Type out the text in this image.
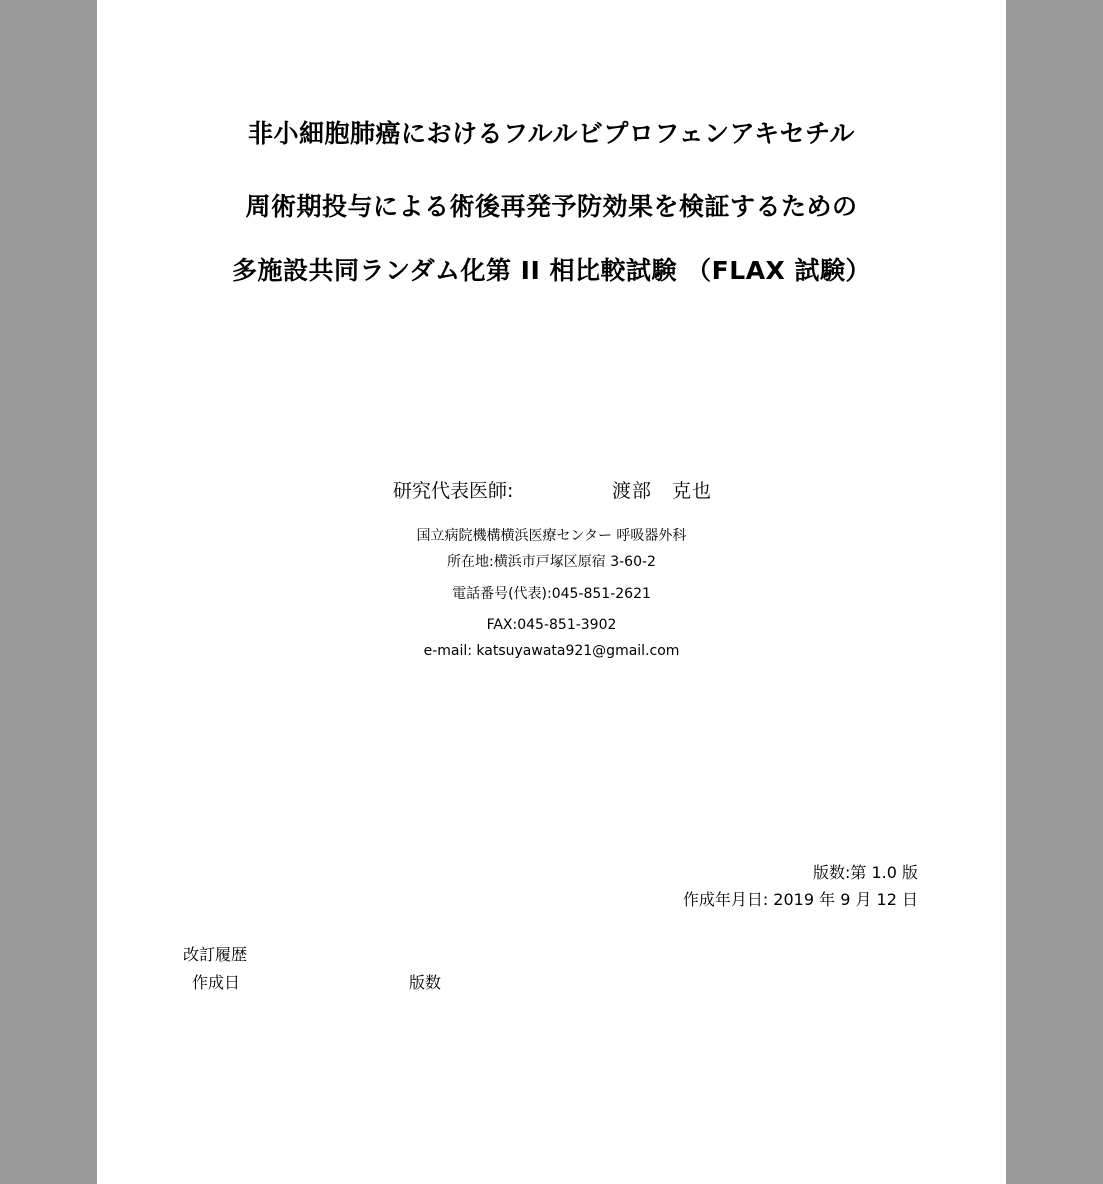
非小細胞肺癌におけるフルルビプロフェンアキセチル
周術期投与による術後再発予防効果を検証するための
多施設共同ランダム化第 II 相比較試験 （FLAX 試験）
研究代表医師:	渡部　克也
国立病院機構横浜医療センター 呼吸器外科
所在地:横浜市戸塚区原宿 3-60-2
電話番号(代表):045-851-2621
FAX:045-851-3902
e-mail: katsuyawata921@gmail.com
版数:第 1.0 版
作成年月日: 2019 年 9 月 12 日
改訂履歴
作成日	版数
